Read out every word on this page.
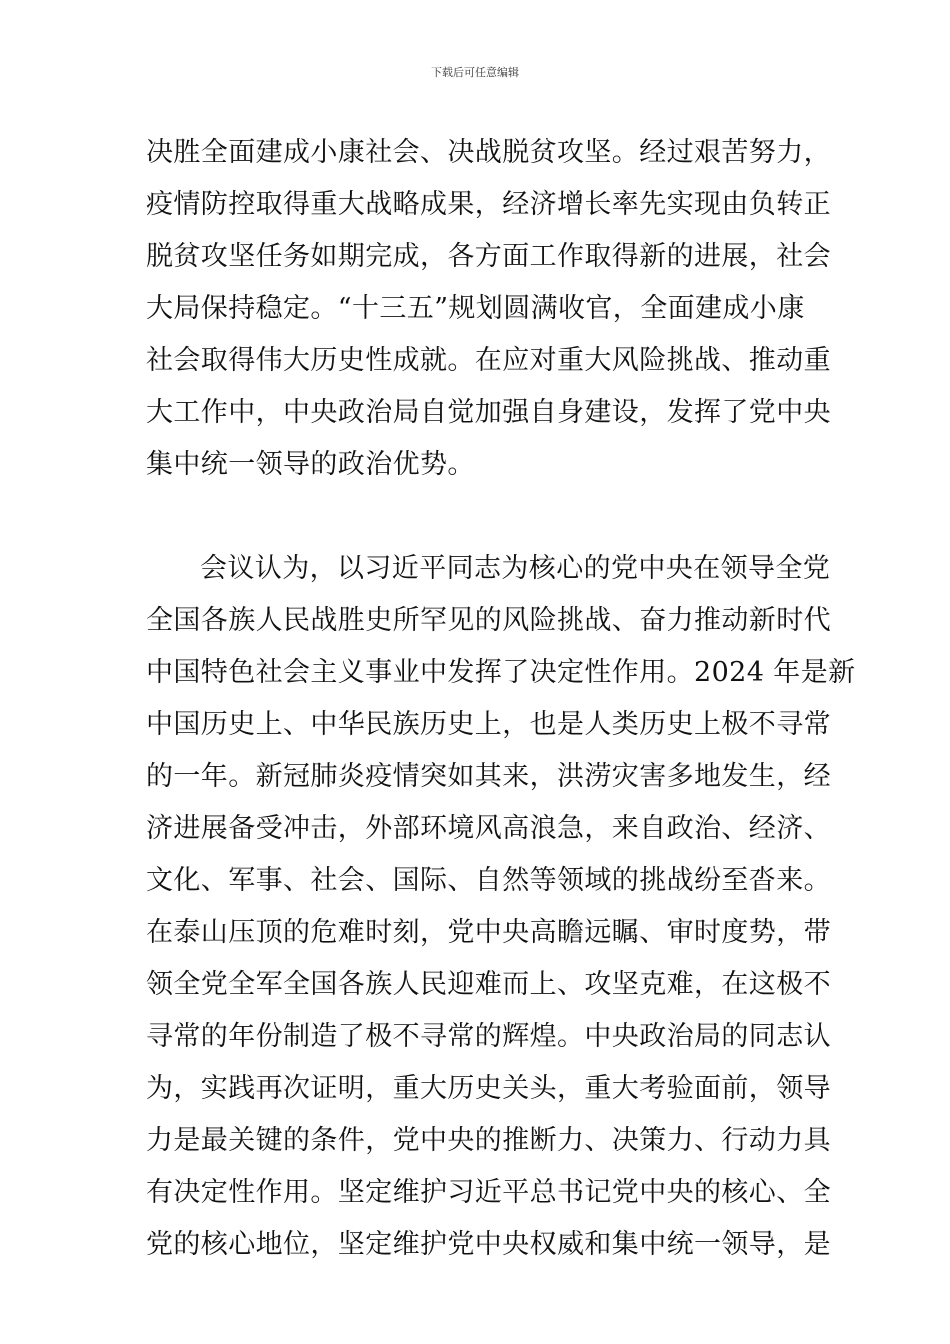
下载后可任意编辑
决胜全面建成小康社会、决战脱贫攻坚。经过艰苦努力，
疫情防控取得重大战略成果，经济增长率先实现由负转正
脱贫攻坚任务如期完成，各方面工作取得新的进展，社会
大局保持稳定。“十三五”规划圆满收官，全面建成小康
社会取得伟大历史性成就。在应对重大风险挑战、推动重
大工作中，中央政治局自觉加强自身建设，发挥了党中央
集中统一领导的政治优势。
会议认为，以习近平同志为核心的党中央在领导全党
全国各族人民战胜史所罕见的风险挑战、奋力推动新时代
中国特色社会主义事业中发挥了决定性作用。2024 年是新
中国历史上、中华民族历史上，也是人类历史上极不寻常
的一年。新冠肺炎疫情突如其来，洪涝灾害多地发生，经
济进展备受冲击，外部环境风高浪急，来自政治、经济、
文化、军事、社会、国际、自然等领域的挑战纷至沓来。
在泰山压顶的危难时刻，党中央高瞻远瞩、审时度势，带
领全党全军全国各族人民迎难而上、攻坚克难，在这极不
寻常的年份制造了极不寻常的辉煌。中央政治局的同志认
为，实践再次证明，重大历史关头，重大考验面前，领导
力是最关键的条件，党中央的推断力、决策力、行动力具
有决定性作用。坚定维护习近平总书记党中央的核心、全
党的核心地位，坚定维护党中央权威和集中统一领导，是
